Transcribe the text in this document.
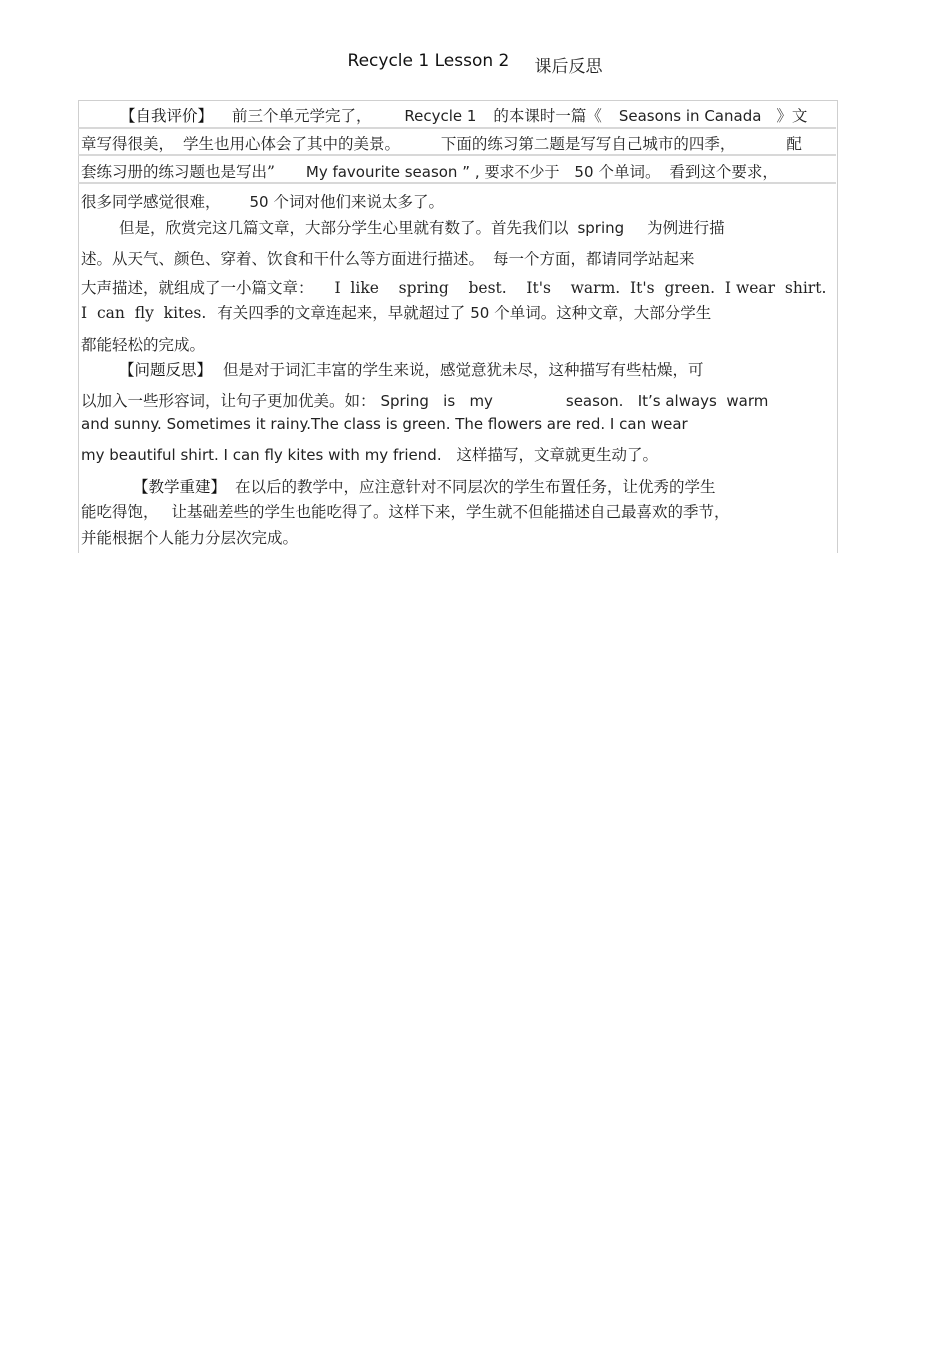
Recycle 1 Lesson 2 课后反思
【自我评价】 前三个单元学完了， Recycle 1 的本课时一篇《 Seasons in Canada 》文
章写得很美， 学生也用心体会了其中的美景。	下面的练习第二题是写写自己城市的四季，	配
套练习册的练习题也是写出” My favourite season ” , 要求不少于 50 个单词。 看到这个要求，
很多同学感觉很难， 50 个词对他们来说太多了。
但是，欣赏完这几篇文章，大部分学生心里就有数了。首先我们以 spring 为例进行描
述。从天气、颜色、穿着、饮食和干什么等方面进行描述。 每一个方面，都请同学站起来
大声描述，就组成了一小篇文章： I  like    spring    best.    It's    warm.  It's  green.  I wear  shirt.
I  can  fly  kites. 有关四季的文章连起来，早就超过了 50 个单词。这种文章，大部分学生
都能轻松的完成。
【问题反思】 但是对于词汇丰富的学生来说，感觉意犹未尽，这种描写有些枯燥，可
以加入一些形容词，让句子更加优美。如： Spring   is   my	season.   It’s always  warm
and sunny. Sometimes it rainy.The class is green. The flowers are red. I can wear
my beautiful shirt. I can fly kites with my friend. 这样描写，文章就更生动了。
【教学重建】 在以后的教学中，应注意针对不同层次的学生布置任务，让优秀的学生
能吃得饱， 让基础差些的学生也能吃得了。这样下来，学生就不但能描述自己最喜欢的季节，
并能根据个人能力分层次完成。
